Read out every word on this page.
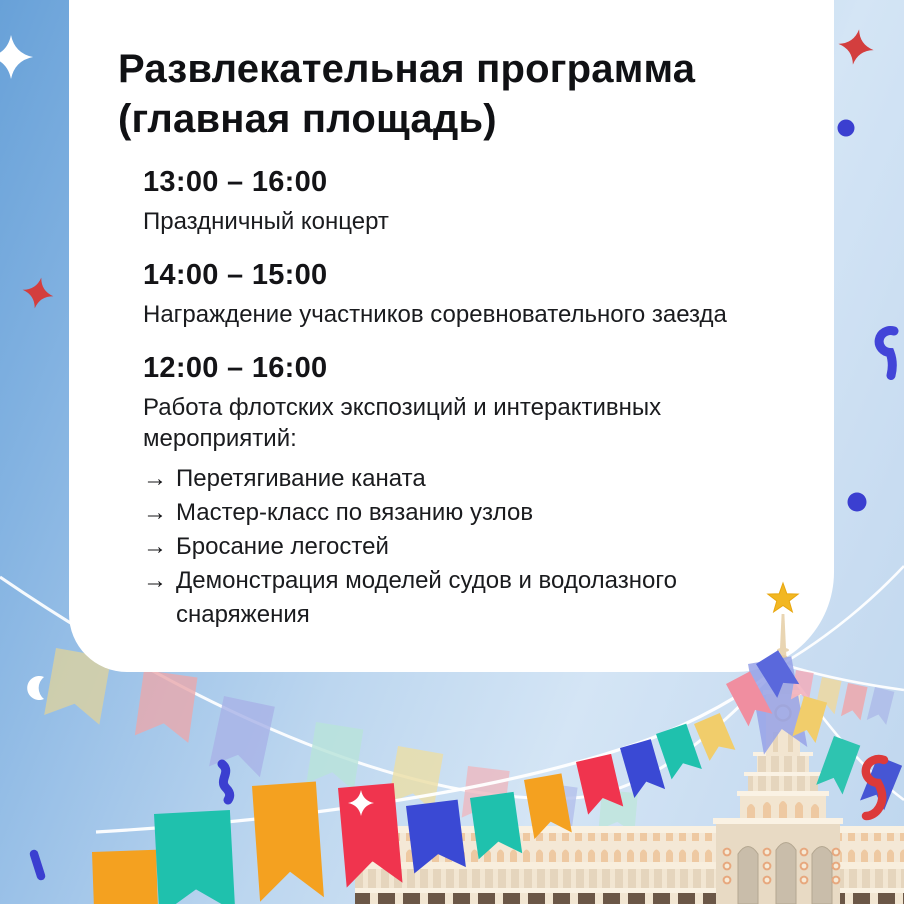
Развлекательная программа
(главная площадь)
13:00 – 16:00
Праздничный концерт
14:00 – 15:00
Награждение участников соревновательного заезда
12:00 – 16:00
Работа флотских экспозиций и интерактивных мероприятий:
→ Перетягивание каната
→ Мастер-класс по вязанию узлов
→ Бросание легостей
→ Демонстрация моделей судов и водолазного снаряжения
